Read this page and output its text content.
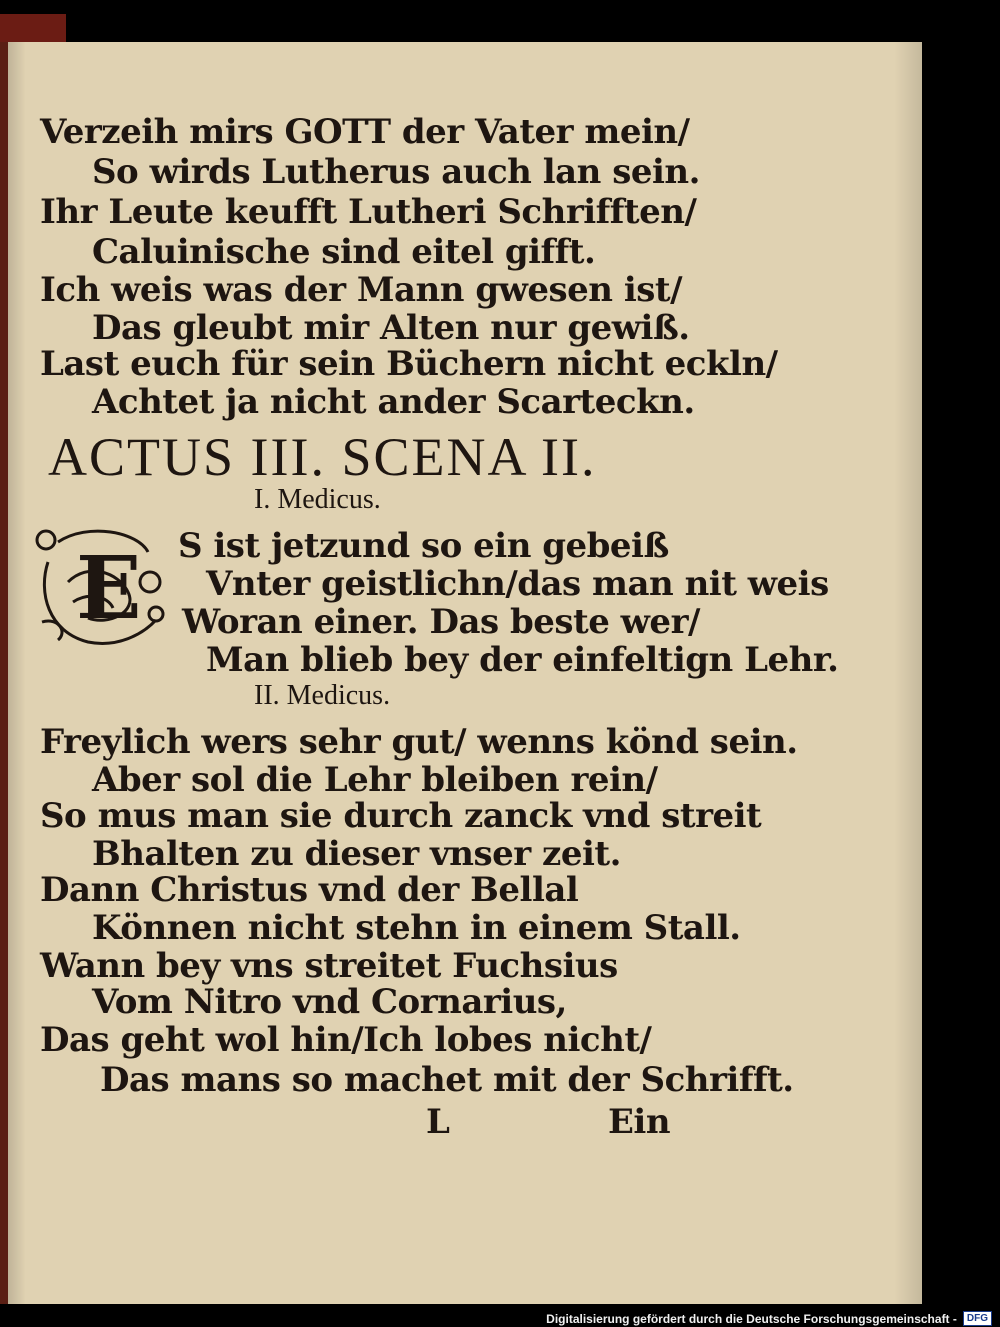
Verzeih mirs GOTT der Vater mein/
So wirds Lutherus auch lan sein.
Ihr Leute keufft Lutheri Schrifften/
Caluinische sind eitel gifft.
Ich weis was der Mann gwesen ist/
Das gleubt mir Alten nur gewiß.
Last euch für sein Büchern nicht eckln/
Achtet ja nicht ander Scarteckn.
ACTUS III. SCENA II.
I. Medicus.
E S ist jetzund so ein gebeiß
Vnter geistlichn/das man nit weis
Woran einer. Das beste wer/
Man blieb bey der einfeltign Lehr.
II. Medicus.
Freylich wers sehr gut/ wenns könd sein.
Aber sol die Lehr bleiben rein/
So mus man sie durch zanck vnd streit
Bhalten zu dieser vnser zeit.
Dann Christus vnd der Bellal
Können nicht stehn in einem Stall.
Wann bey vns streitet Fuchsius
Vom Nitro vnd Cornarius,
Das geht wol hin/Ich lobes nicht/
Das mans so machet mit der Schrifft.
L	Ein
Digitalisierung gefördert durch die Deutsche Forschungsgemeinschaft -	DFG
